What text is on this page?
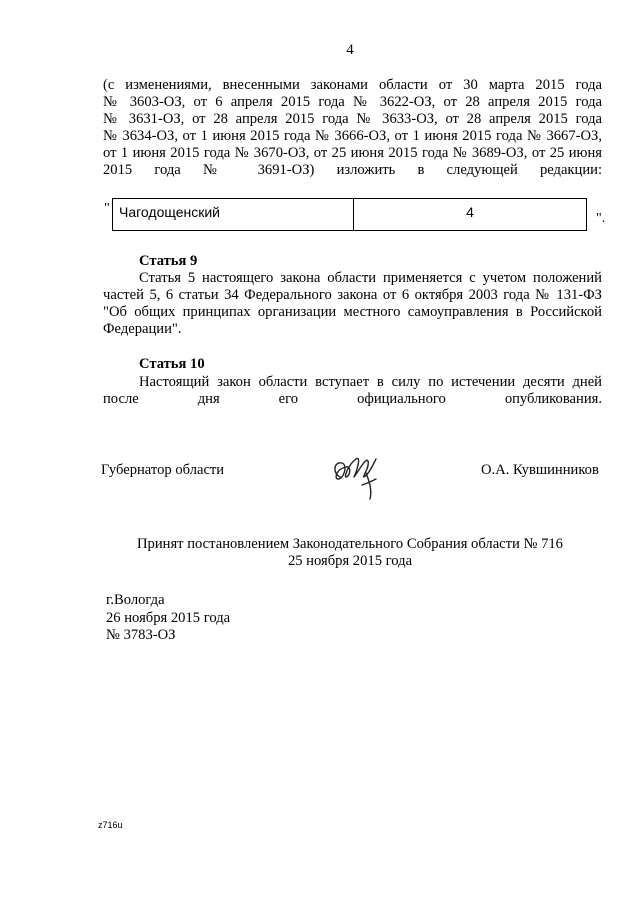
4
(с изменениями, внесенными законами области от 30 марта 2015 года
№ 3603-ОЗ, от 6 апреля 2015 года № 3622-ОЗ, от 28 апреля 2015 года
№ 3631-ОЗ, от 28 апреля 2015 года № 3633-ОЗ, от 28 апреля 2015 года
№ 3634-ОЗ, от 1 июня 2015 года № 3666-ОЗ, от 1 июня 2015 года № 3667-ОЗ,
от 1 июня 2015 года № 3670-ОЗ, от 25 июня 2015 года № 3689-ОЗ, от 25 июня
2015 года № 3691-ОЗ) изложить в следующей редакции:
" Чагодощенский	4	".
Статья 9
Статья 5 настоящего закона области применяется с учетом положений
частей 5, 6 статьи 34 Федерального закона от 6 октября 2003 года № 131-ФЗ
"Об общих принципах организации местного самоуправления в Российской
Федерации".
Статья 10
Настоящий закон области вступает в силу по истечении десяти дней
после дня его официального опубликования.
Губернатор области	О.А. Кувшинников
Принят постановлением Законодательного Собрания области № 716
25 ноября 2015 года
г.Вологда
26 ноября 2015 года
№ 3783-ОЗ
z716u
